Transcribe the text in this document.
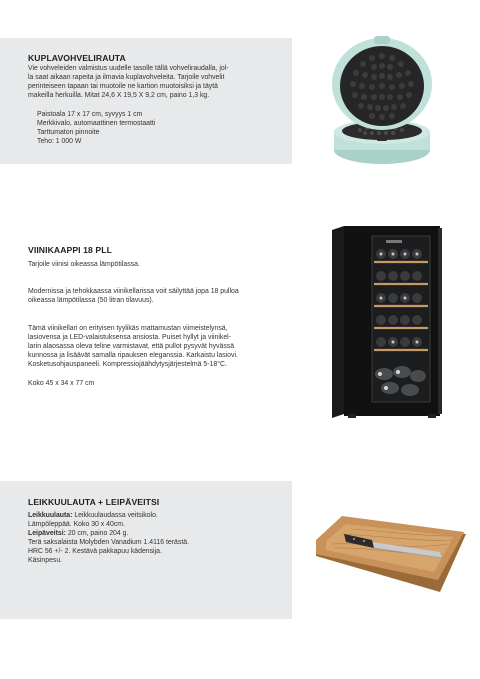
KUPLAVOHVELIRAUTA

Vie vohveleiden valmistus uudelle tasolle tällä vohveliraudalla, jol-

la saat aikaan rapeita ja ilmavia kuplavohveleita. Tarjoile vohvelit

perinteiseen tapaan tai muotoile ne kartion muotoisiksi ja täytä

makeilla herkuilla. Mitat 24,6 X 19,5 X 9,2 cm, paino 1,3 kg.

Paistoala 17 x 17 cm, syvyys 1 cm

Merkkivalo, automaattinen termostaatti

Tarttumaton pinnoite

Teho: 1 000 W

VIINIKAAPPI 18 PLL
Tarjoile viinisi oikeassa lämpötilassa.

Modernissa ja tehokkaassa viinikellarissa voit säilyttää jopa 18 pulloa

oikeassa lämpötilassa (50 litran tilavuus).

Tämä viinikellari on erityisen tyylikäs mattamustan viimeistelynsä,

lasiovensa ja LED-valaistuksensa ansiosta. Puiset hyllyt ja viinikel-

larin alaosassa oleva teline varmistavat, että pullot pysyvät hyvässä

kunnossa ja lisäävät samalla ripauksen eleganssia. Karkaistu lasiovi.

Kosketusohjauspaneeli. Kompressiojäähdytysjärjestelmä 5-18°C.

Koko 45 x 34 x 77 cm
LEIKKUULAUTA + LEIPÄVEITSI

Leikkuulauta: Leikkuulaudassa veitsikolo.

Lämpöleppää. Koko 30 x 40cm.

Leipäveitsi: 20 cm, paino 204 g.

Terä saksalaista Molybden Vanadium 1.4116 terästä.

HRC 56 +/- 2. Kestävä pakkapuu kädensija.

Käsinpesu.
